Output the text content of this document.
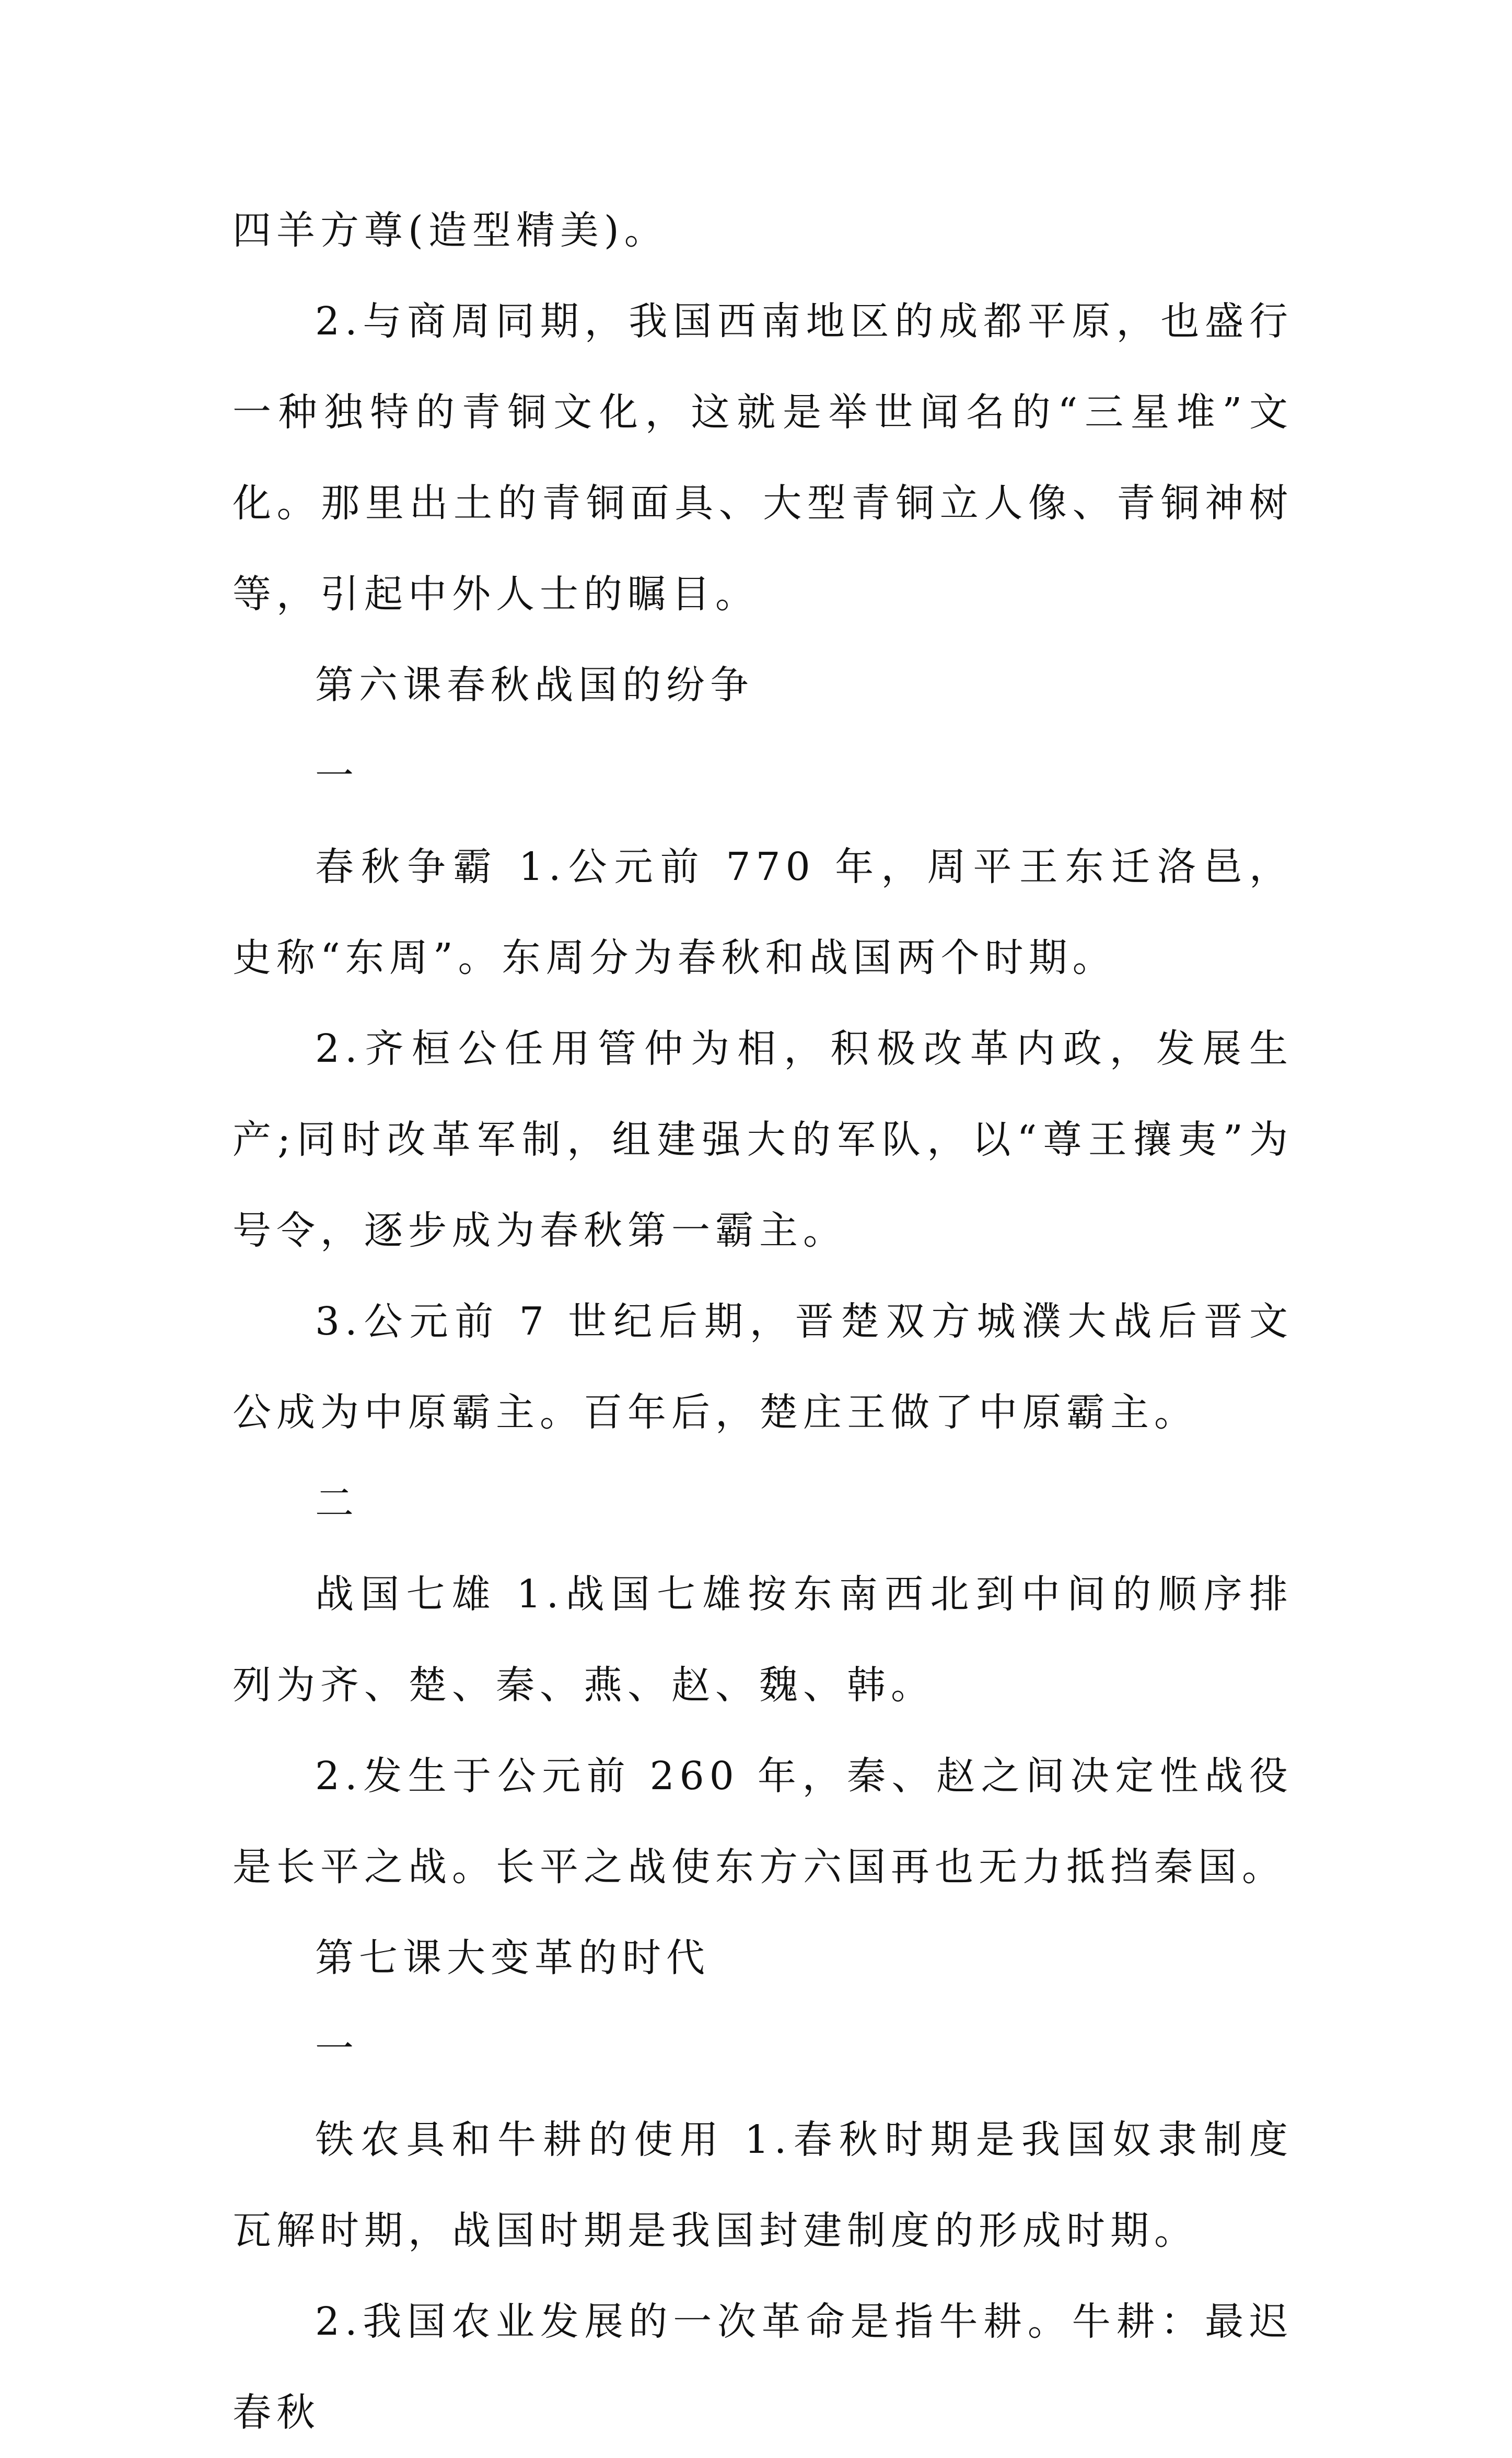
四羊方尊(造型精美)。

2.与商周同期，我国西南地区的成都平原，也盛行一种独特的青铜文化，这就是举世闻名的“三星堆”文化。那里出土的青铜面具、大型青铜立人像、青铜神树等，引起中外人士的瞩目。

第六课春秋战国的纷争

一

春秋争霸 1.公元前 770 年，周平王东迁洛邑，史称“东周”。东周分为春秋和战国两个时期。

2.齐桓公任用管仲为相，积极改革内政，发展生产;同时改革军制，组建强大的军队，以“尊王攘夷”为号令，逐步成为春秋第一霸主。

3.公元前 7 世纪后期，晋楚双方城濮大战后晋文公成为中原霸主。百年后，楚庄王做了中原霸主。

二

战国七雄 1.战国七雄按东南西北到中间的顺序排列为齐、楚、秦、燕、赵、魏、韩。

2.发生于公元前 260 年，秦、赵之间决定性战役是长平之战。长平之战使东方六国再也无力抵挡秦国。

第七课大变革的时代

一

铁农具和牛耕的使用 1.春秋时期是我国奴隶制度瓦解时期，战国时期是我国封建制度的形成时期。

2.我国农业发展的一次革命是指牛耕。牛耕：最迟春秋
